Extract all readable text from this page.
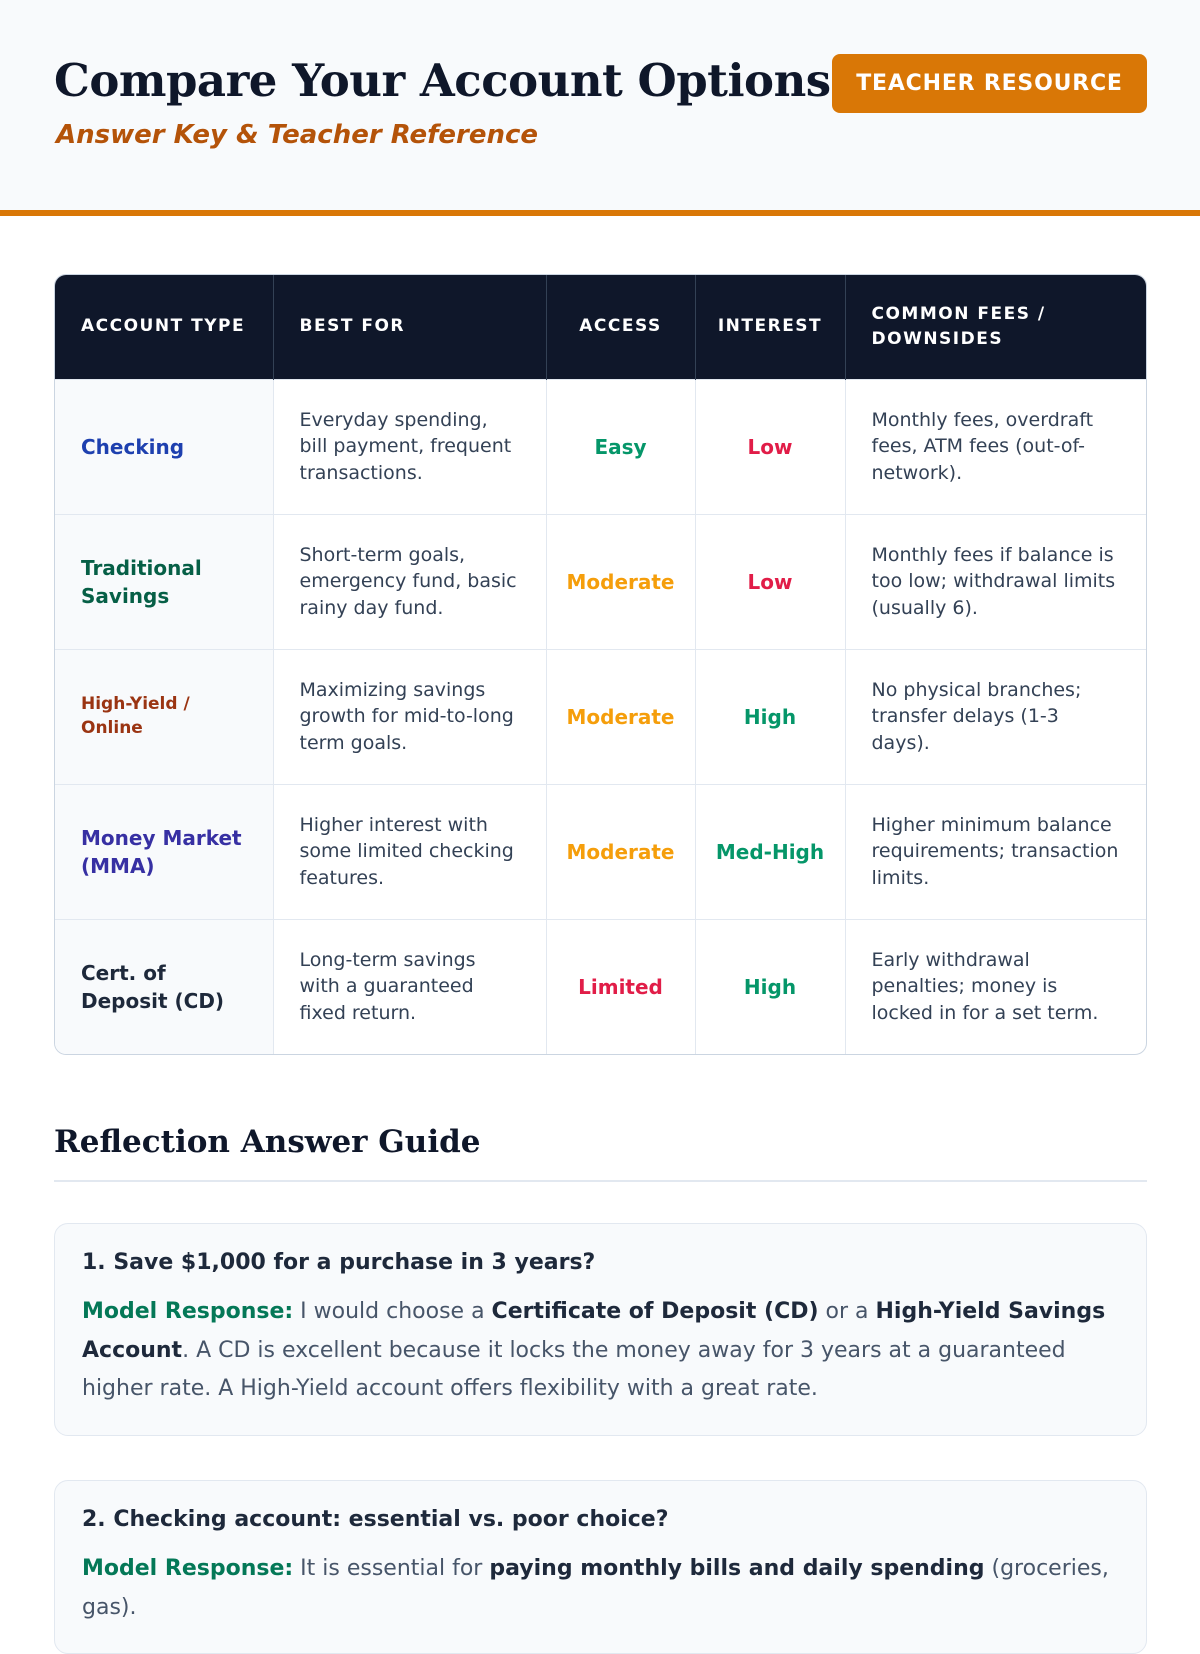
Compare Your Account Options
Answer Key & Teacher Reference
TEACHER RESOURCE
ACCOUNT TYPE	BEST FOR	ACCESS	INTEREST	COMMON FEES / DOWNSIDES
Checking	Everyday spending, bill payment, frequent transactions.	Easy	Low	Monthly fees, overdraft fees, ATM fees (out-of-network).
Traditional Savings	Short-term goals, emergency fund, basic rainy day fund.	Moderate	Low	Monthly fees if balance is too low; withdrawal limits (usually 6).
High-Yield / Online	Maximizing savings growth for mid-to-long term goals.	Moderate	High	No physical branches; transfer delays (1-3 days).
Money Market (MMA)	Higher interest with some limited checking features.	Moderate	Med-High	Higher minimum balance requirements; transaction limits.
Cert. of Deposit (CD)	Long-term savings with a guaranteed fixed return.	Limited	High	Early withdrawal penalties; money is locked in for a set term.
Reflection Answer Guide
1. Save $1,000 for a purchase in 3 years?
Model Response: I would choose a Certificate of Deposit (CD) or a High-Yield Savings Account. A CD is excellent because it locks the money away for 3 years at a guaranteed higher rate. A High-Yield account offers flexibility with a great rate.
2. Checking account: essential vs. poor choice?
Model Response: It is essential for paying monthly bills and daily spending (groceries, gas).
